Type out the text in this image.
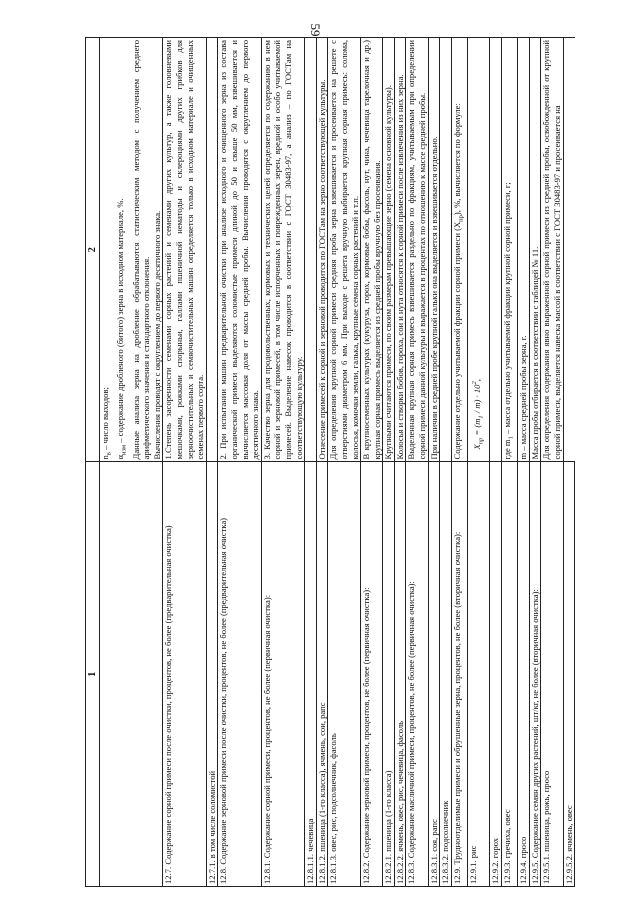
59
1	2

	$n_в$ – число выходов;
$\alpha_{изм}$ – содержание дробленого (битого) зерна в исходном материале, %. Данные анализа зерна на дробление обрабатываются статистическим методом с получением среднего арифметического значения и стандартного отклонения. Вычисления проводят с округлением до первого десятичного знака.

12.7. Содержание сорной примеси после очистки, процентов, не более (предварительная очистка)	1.Степень засоренности семенами сорных растений и семенами других культур, а также головневыми мешочками, рожками спорыньи, галлами пшеничной нематоды и склероциями других грибков для зерноочистительных и семяочистительных машин определяется только в исходном материале и очищенных семенах первого сорта.
12.7.1. в том числе соломистой	
12.8. Содержание зерновой примеси после очистки, процентов, не более (предварительная очистка)	2. При испытании машин предварительной очистки при анализе исходного и очищенного зерна из состава органической примеси выделяются соломистые примеси длиной до 50 и свыше 50 мм, взвешивается и вычисляется массовая доля от массы средней пробы. Вычисления проводятся с округлением до первого десятичного знака.
12.8.1. Содержание сорной примеси, процентов, не более (первичная очистка):	3. Качество зерна для продовольственных, кормовых и технических целей определяется по содержанию в нем сорной и зерновой примесей, в том числе испорченных и поврежденных зерен, вредной и особо учитываемой примесей. Выделение навесок проводится в соответствии с ГОСТ 30483-97, а анализ – по ГОСТам на соответствующую культуру.
12.8.1.1. чечевица	
12.8.1.2. пшеница (1-го класса), ячмень, сои, рапс	Отнесение примесей к сорной и зерновой проводится по ГОСТам на зерно соответствующей культуры.
12.8.1.3. овес, рис, подсолнечник, фасоль	Для определения крупной сорной примеси средняя проба зерна взвешивается и просеивается на решете с отверстиями диаметром 6 мм. При выходе с решета вручную выбирается крупная сорная примесь: солома, колосья, комочки земли, галька, крупные семена сорных растений и т.п.
12.8.2. Содержание зерновой примеси, процентов, не более (первичная очистка):	В крупносеменных культурах (кукуруза, горох, кормовые бобы, фасоль, нут, чина, чечевица тарелочная и др.) крупная сорная примесь выделяется из средней пробы вручную без просеивания.
12.8.2.1. пшеница (1-го класса)	Крупными считаются примеси, по своим размерам превышающие зерно (семена основной культуры).
12.8.2.2. ячмень, овес, рис, чечевица, фасоль	Колосья и створки бобов, гороха, сои и нута относятся к сорной примеси после извлечения из них зерна.
12.8.3. Содержание масличной примеси, процентов, не более (первичная очистка):	Выделенная крупная сорная примесь взвешивается раздельно по фракциям, учитываемым при определении сорной примеси данной культуры и выражается в процентах по отношению к массе средней пробы.
12.8.3.1. соя, рапс	При наличии в средней пробе крупной гальки она выделяется и взвешивается отдельно.
12.8.3.2. подсолнечник	
12.9. Трудноотделимые примеси и обрушенные зерна, процентов, не более (вторичная очистка):	Содержание отдельно учитываемой фракции сорной примеси $(X_{пр})$, %, вычисляется по формуле:
12.9.1. рис	$X_{пр} = (m_1 / m) \cdot 10^2$,
12.9.2. горох	
12.9.3. гречиха, овес	где $m_1$ – масса отдельно учитываемой фракции крупной сорной примеси, г;
12.9.4. просо	m – масса средней пробы зерна, г.
12.9.5. Содержание семян других растений, шт/кг, не более (вторичная очистка):	Масса пробы отбирается в соответствии с таблицей № 11.
12.9.5.1. пшеница, рожь, просо	Для определения содержания явно выраженной сорной примеси из средней пробы, освобожденной от крупной сорной примеси, выделяется навеска массой в соответствии с ГОСТ 30483-97 и просеивается на
12.9.5.2. ячмень, овес	
